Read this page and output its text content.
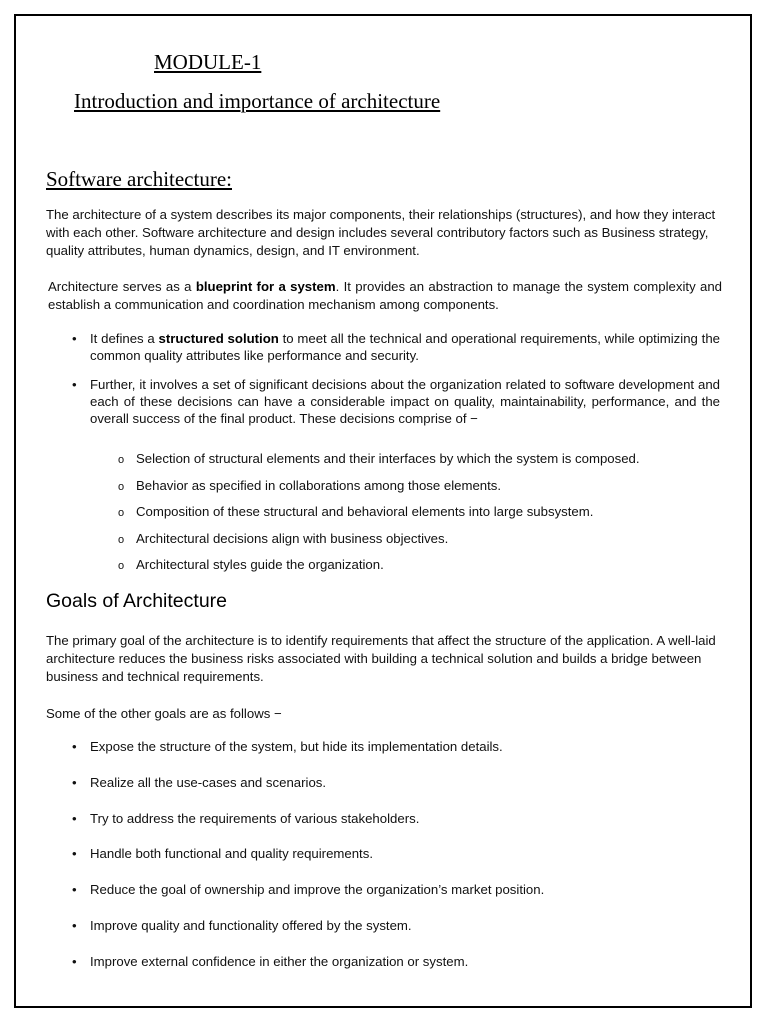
MODULE-1
Introduction and importance of architecture
Software architecture:
The architecture of a system describes its major components, their relationships (structures), and how they interact with each other. Software architecture and design includes several contributory factors such as Business strategy, quality attributes, human dynamics, design, and IT environment.
Architecture serves as a blueprint for a system. It provides an abstraction to manage the system complexity and establish a communication and coordination mechanism among components.
• It defines a structured solution to meet all the technical and operational requirements, while optimizing the common quality attributes like performance and security.
• Further, it involves a set of significant decisions about the organization related to software development and each of these decisions can have a considerable impact on quality, maintainability, performance, and the overall success of the final product. These decisions comprise of −
o Selection of structural elements and their interfaces by which the system is composed.
o Behavior as specified in collaborations among those elements.
o Composition of these structural and behavioral elements into large subsystem.
o Architectural decisions align with business objectives.
o Architectural styles guide the organization.
Goals of Architecture
The primary goal of the architecture is to identify requirements that affect the structure of the application. A well-laid architecture reduces the business risks associated with building a technical solution and builds a bridge between business and technical requirements.
Some of the other goals are as follows −
• Expose the structure of the system, but hide its implementation details.
• Realize all the use-cases and scenarios.
• Try to address the requirements of various stakeholders.
• Handle both functional and quality requirements.
• Reduce the goal of ownership and improve the organization’s market position.
• Improve quality and functionality offered by the system.
• Improve external confidence in either the organization or system.
